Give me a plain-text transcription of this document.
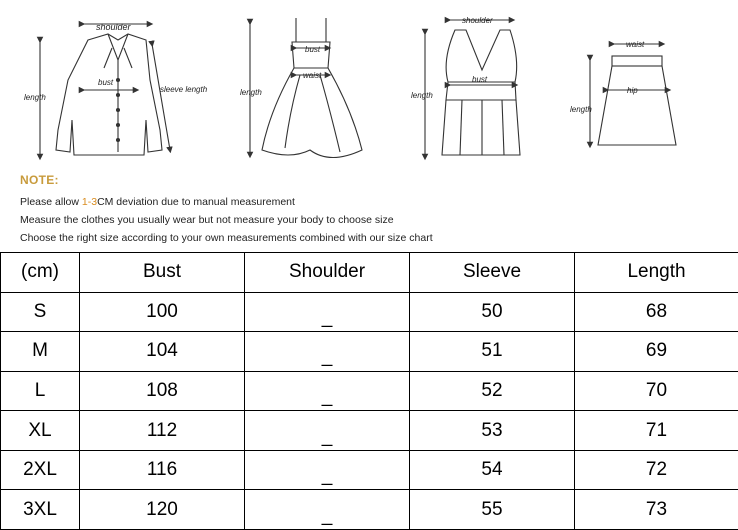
shoulder
bust
sleeve length
length
bust
waist
length
shoulder
bust
length
waist
hip
length
NOTE:
Please allow 1-3CM deviation due to manual measurement
Measure the clothes you usually wear but not measure your body to choose size
Choose the right size according to your own measurements combined with our size chart
(cm)	Bust	Shoulder	Sleeve	Length
S	100	_	50	68
M	104	_	51	69
L	108	_	52	70
XL	112	_	53	71
2XL	116	_	54	72
3XL	120	_	55	73
